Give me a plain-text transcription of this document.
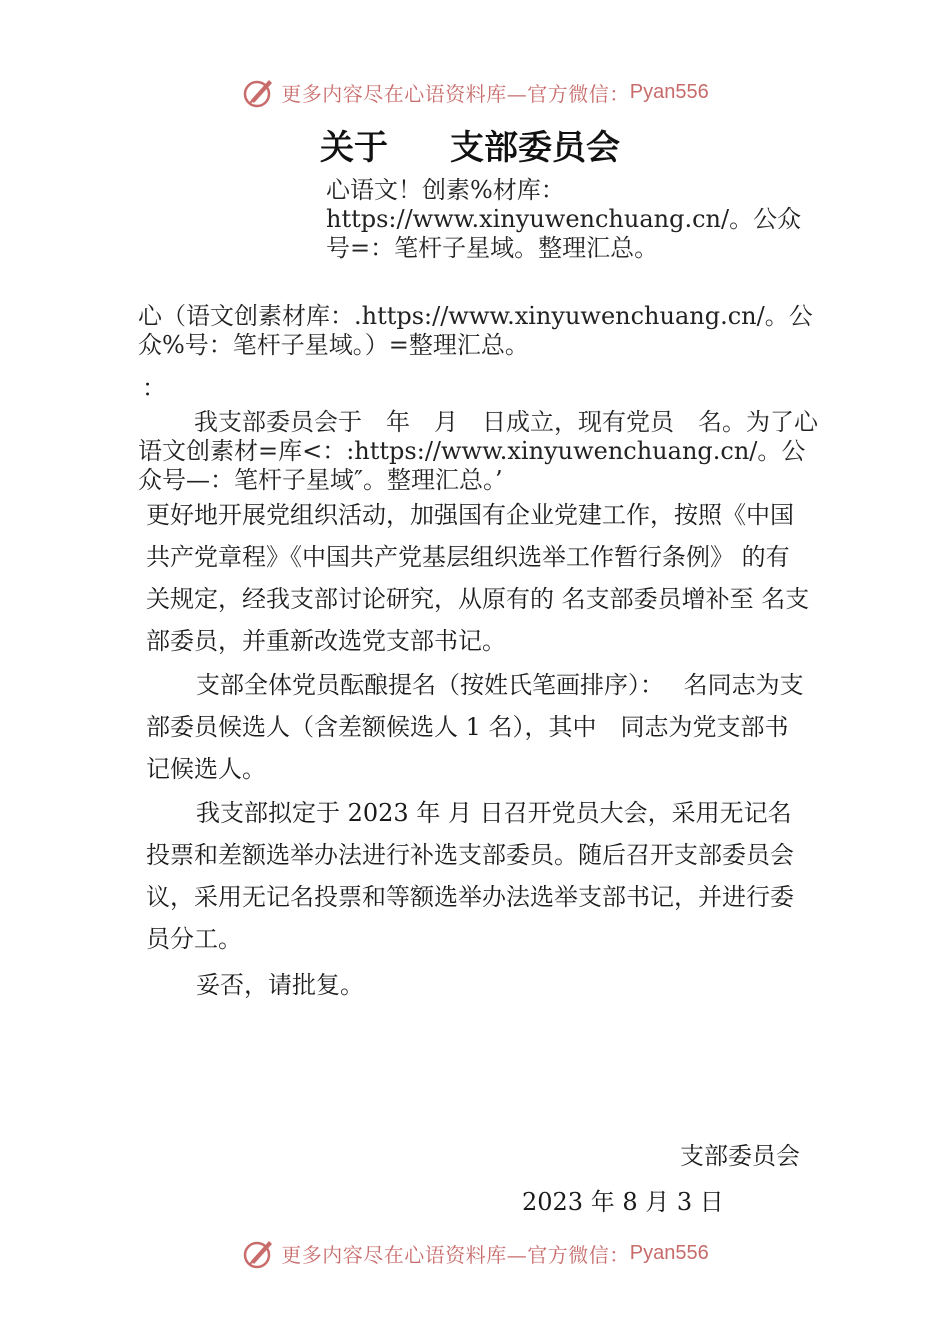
更多内容尽在心语资料库—官方微信： Pyan556
关于 支部委员会
心语文！创素%材库：https://www.xinyuwenchuang.cn/。公众号=：笔杆子星域。整理汇总。
心（语文创素材库：.https://www.xinyuwenchuang.cn/。公众%号：笔杆子星域。）=整理汇总。
：
我支部委员会于　年　月　日成立，现有党员　名。为了心语文创素材=库<：:https://www.xinyuwenchuang.cn/。公众号—：笔杆子星域″。整理汇总。’
更好地开展党组织活动，加强国有企业党建工作，按照《中国共产党章程》《中国共产党基层组织选举工作暂行条例》 的有关规定，经我支部讨论研究，从原有的 名支部委员增补至 名支部委员，并重新改选党支部书记。
支部全体党员酝酿提名（按姓氏笔画排序）：　 名同志为支部委员候选人（含差额候选人 1 名），其中　同志为党支部书记候选人。
我支部拟定于 2023 年 月 日召开党员大会，采用无记名投票和差额选举办法进行补选支部委员。随后召开支部委员会议，采用无记名投票和等额选举办法选举支部书记，并进行委员分工。
妥否，请批复。
支部委员会
2023 年 8 月 3 日
更多内容尽在心语资料库—官方微信： Pyan556
